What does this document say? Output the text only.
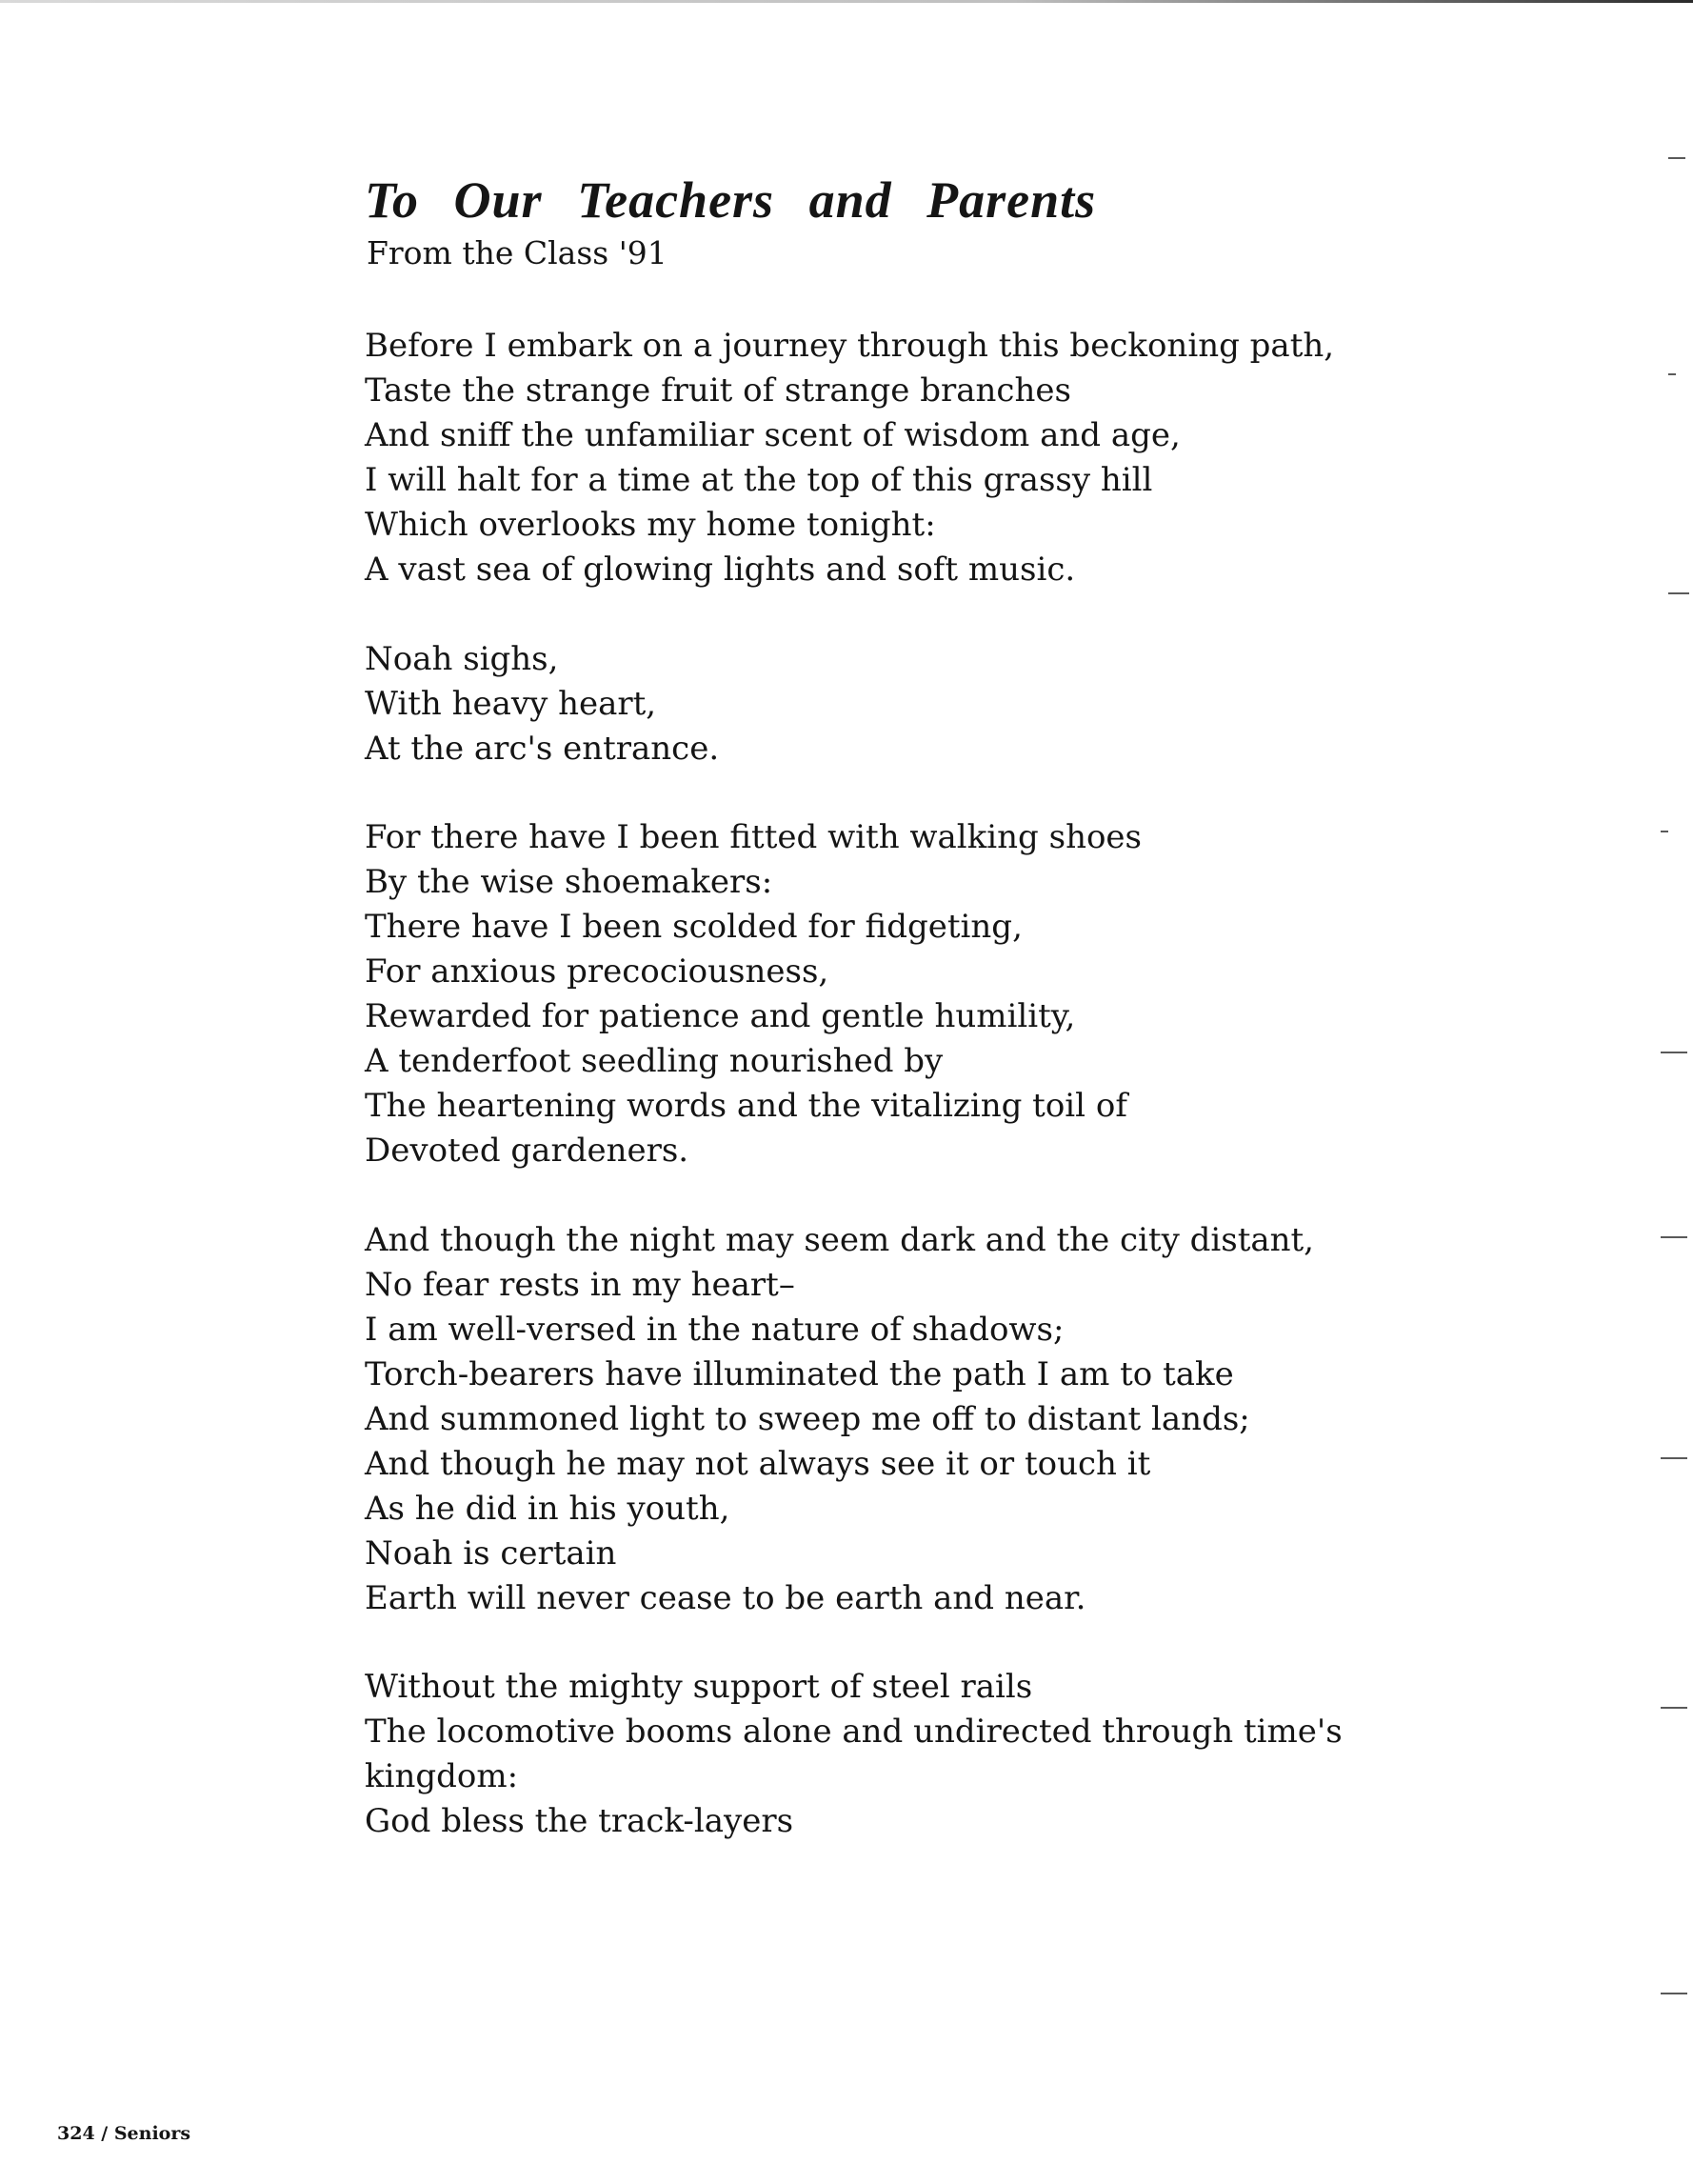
To Our Teachers and Parents
From the Class '91
Before I embark on a journey through this beckoning path,
Taste the strange fruit of strange branches
And sniff the unfamiliar scent of wisdom and age,
I will halt for a time at the top of this grassy hill
Which overlooks my home tonight:
A vast sea of glowing lights and soft music.
Noah sighs,
With heavy heart,
At the arc's entrance.
For there have I been fitted with walking shoes
By the wise shoemakers:
There have I been scolded for fidgeting,
For anxious precociousness,
Rewarded for patience and gentle humility,
A tenderfoot seedling nourished by
The heartening words and the vitalizing toil of
Devoted gardeners.
And though the night may seem dark and the city distant,
No fear rests in my heart–
I am well-versed in the nature of shadows;
Torch-bearers have illuminated the path I am to take
And summoned light to sweep me off to distant lands;
And though he may not always see it or touch it
As he did in his youth,
Noah is certain
Earth will never cease to be earth and near.
Without the mighty support of steel rails
The locomotive booms alone and undirected through time's
kingdom:
God bless the track-layers
324 / Seniors
